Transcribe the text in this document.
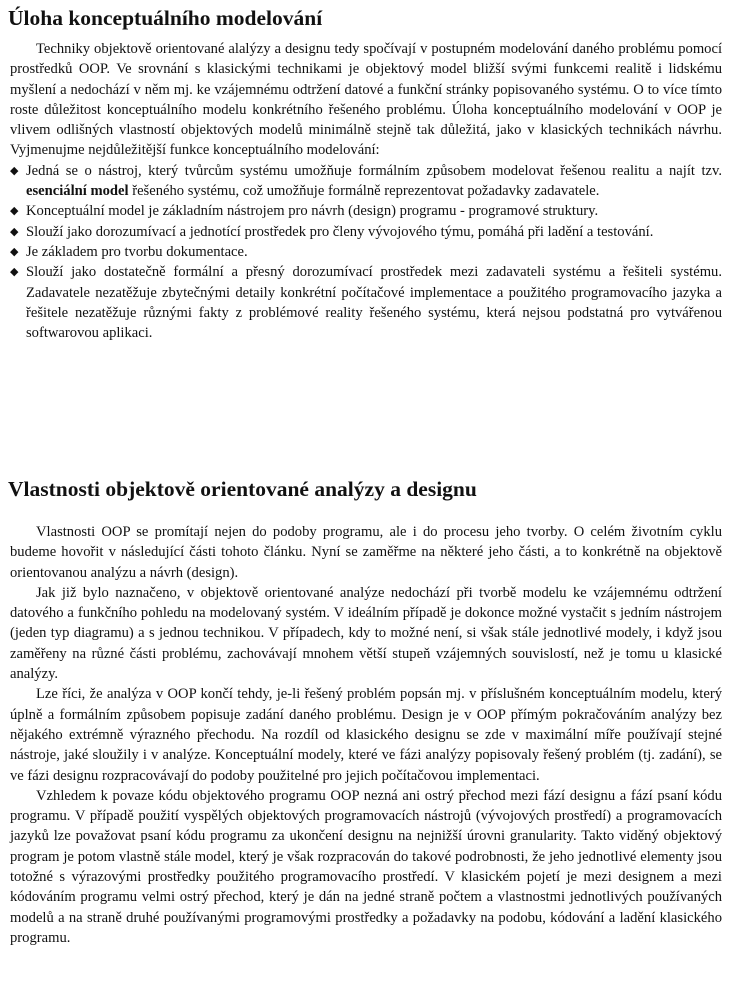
Úloha konceptuálního modelování

Techniky objektově orientované alalýzy a designu tedy spočívají v postupném modelování daného problému pomocí prostředků OOP. Ve srovnání s klasickými technikami je objektový model bližší svými funkcemi realitě i lidskému myšlení a nedochází v něm mj. ke vzájemnému odtržení datové a funkční stránky popisovaného systému. O to více tímto roste důležitost konceptuálního modelu konkrétního řešeného problému. Úloha konceptuálního modelování v OOP je vlivem odlišných vlastností objektových modelů minimálně stejně tak důležitá, jako v klasických technikách návrhu. Vyjmenujme nejdůležitější funkce konceptuálního modelování:

◆ Jedná se o nástroj, který tvůrcům systému umožňuje formálním způsobem modelovat řešenou realitu a najít tzv. esenciální model řešeného systému, což umožňuje formálně reprezentovat požadavky zadavatele.
◆ Konceptuální model je základním nástrojem pro návrh (design) programu - programové struktury.
◆ Slouží jako dorozumívací a jednotící prostředek pro členy vývojového týmu, pomáhá při ladění a testování.
◆ Je základem pro tvorbu dokumentace.
◆ Slouží jako dostatečně formální a přesný dorozumívací prostředek mezi zadavateli systému a řešiteli systému. Zadavatele nezatěžuje zbytečnými detaily konkrétní počítačové implementace a použitého programovacího jazyka a řešitele nezatěžuje různými fakty z problémové reality řešeného systému, která nejsou podstatná pro vytvářenou softwarovou aplikaci.
Vlastnosti objektově orientované analýzy a designu

Vlastnosti OOP se promítají nejen do podoby programu, ale i do procesu jeho tvorby. O celém životním cyklu budeme hovořit v následující části tohoto článku. Nyní se zaměřme na některé jeho části, a to konkrétně na objektově orientovanou analýzu a návrh (design).

Jak již bylo naznačeno, v objektově orientované analýze nedochází při tvorbě modelu ke vzájemnému odtržení datového a funkčního pohledu na modelovaný systém. V ideálním případě je dokonce možné vystačit s jedním nástrojem (jeden typ diagramu) a s jednou technikou. V případech, kdy to možné není, si však stále jednotlivé modely, i když jsou zaměřeny na různé části problému, zachovávají mnohem větší stupeň vzájemných souvislostí, než je tomu u klasické analýzy.

Lze říci, že analýza v OOP končí tehdy, je-li řešený problém popsán mj. v příslušném konceptuálním modelu, který úplně a formálním způsobem popisuje zadání daného problému. Design je v OOP přímým pokračováním analýzy bez nějakého extrémně výrazného přechodu. Na rozdíl od klasického designu se zde v maximální míře používají stejné nástroje, jaké sloužily i v analýze. Konceptuální modely, které ve fázi analýzy popisovaly řešený problém (tj. zadání), se ve fázi designu rozpracovávají do podoby použitelné pro jejich počítačovou implementaci.

Vzhledem k povaze kódu objektového programu OOP nezná ani ostrý přechod mezi fází designu a fází psaní kódu programu. V případě použití vyspělých objektových programovacích nástrojů (vývojových prostředí) a programovacích jazyků lze považovat psaní kódu programu za ukončení designu na nejnižší úrovni granularity. Takto viděný objektový program je potom vlastně stále model, který je však rozpracován do takové podrobnosti, že jeho jednotlivé elementy jsou totožné s výrazovými prostředky použitého programovacího prostředí. V klasickém pojetí je mezi designem a mezi kódováním programu velmi ostrý přechod, který je dán na jedné straně počtem a vlastnostmi jednotlivých používaných modelů a na straně druhé používanými programovými prostředky a požadavky na podobu, kódování a ladění klasického programu.
